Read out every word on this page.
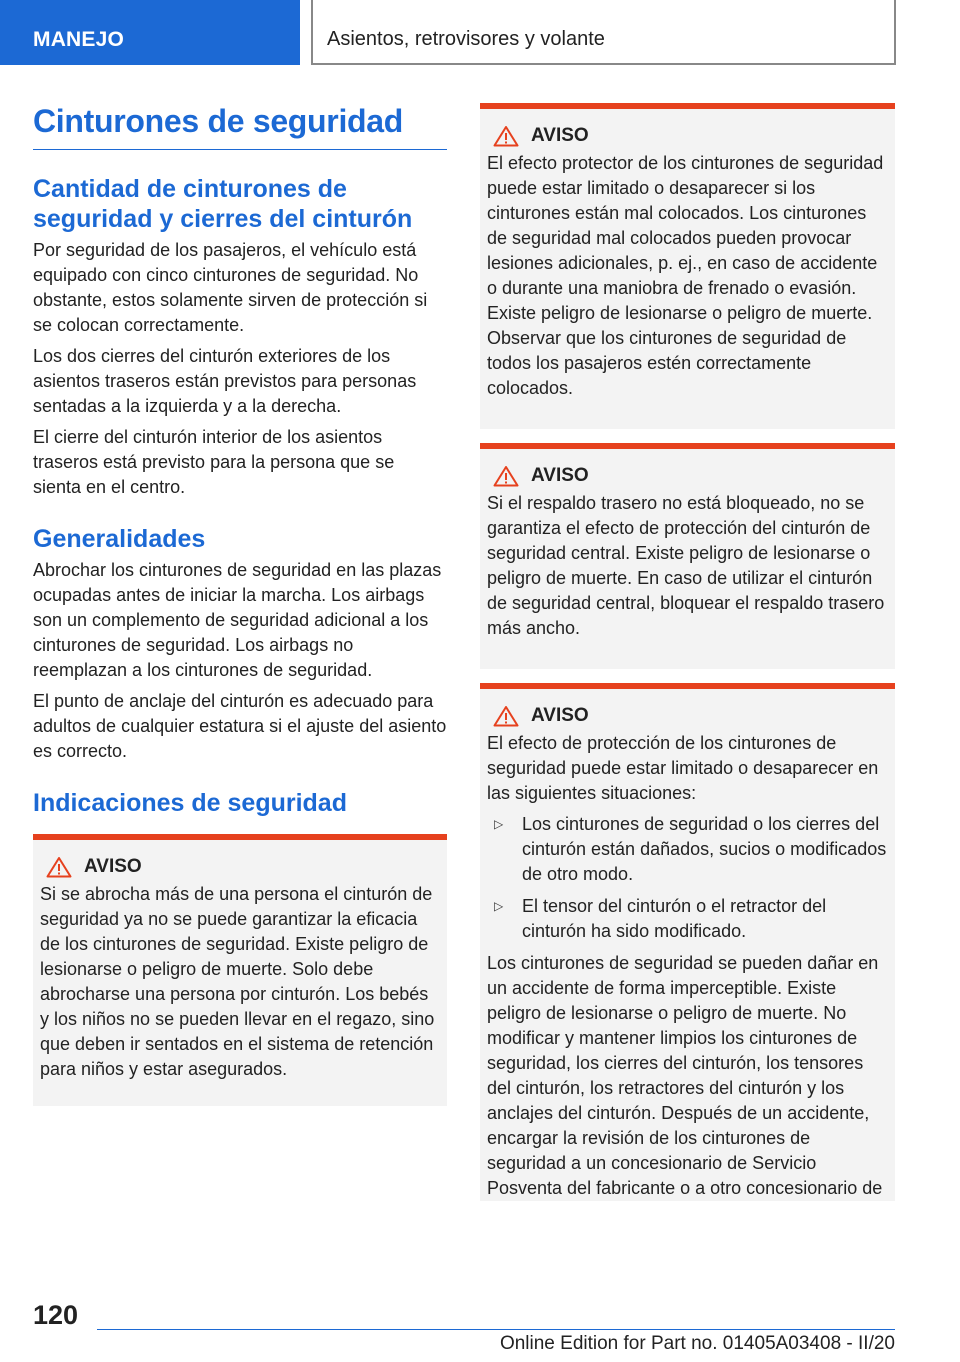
MANEJO	Asientos, retrovisores y volante
Cinturones de seguridad
Cantidad de cinturones de seguridad y cierres del cinturón

Por seguridad de los pasajeros, el vehículo está equipado con cinco cinturones de seguridad. No obstante, estos solamente sirven de protección si se colocan correctamente.

Los dos cierres del cinturón exteriores de los asientos traseros están previstos para personas sentadas a la izquierda y a la derecha.

El cierre del cinturón interior de los asientos traseros está previsto para la persona que se sienta en el centro.

Generalidades

Abrochar los cinturones de seguridad en las plazas ocupadas antes de iniciar la marcha. Los airbags son un complemento de seguridad adicional a los cinturones de seguridad. Los airbags no reemplazan a los cinturones de seguridad.

El punto de anclaje del cinturón es adecuado para adultos de cualquier estatura si el ajuste del asiento es correcto.

Indicaciones de seguridad
AVISO

Si se abrocha más de una persona el cinturón de seguridad ya no se puede garantizar la eficacia de los cinturones de seguridad. Existe peligro de lesionarse o peligro de muerte. Solo debe abrocharse una persona por cinturón. Los bebés y los niños no se pueden llevar en el regazo, sino que deben ir sentados en el sistema de retención para niños y estar asegurados.

AVISO

El efecto protector de los cinturones de seguridad puede estar limitado o desaparecer si los cinturones están mal colocados. Los cinturones de seguridad mal colocados pueden provocar lesiones adicionales, p. ej., en caso de accidente o durante una maniobra de frenado o evasión. Existe peligro de lesionarse o peligro de muerte. Observar que los cinturones de seguridad de todos los pasajeros estén correctamente colocados.

AVISO

Si el respaldo trasero no está bloqueado, no se garantiza el efecto de protección del cinturón de seguridad central. Existe peligro de lesionarse o peligro de muerte. En caso de utilizar el cinturón de seguridad central, bloquear el respaldo trasero más ancho.

AVISO

El efecto de protección de los cinturones de seguridad puede estar limitado o desaparecer en las siguientes situaciones:

▷	Los cinturones de seguridad o los cierres del cinturón están dañados, sucios o modificados de otro modo.
▷	El tensor del cinturón o el retractor del cinturón ha sido modificado.

Los cinturones de seguridad se pueden dañar en un accidente de forma imperceptible. Existe peligro de lesionarse o peligro de muerte. No modificar y mantener limpios los cinturones de seguridad, los cierres del cinturón, los tensores del cinturón, los retractores del cinturón y los anclajes del cinturón. Después de un accidente, encargar la revisión de los cinturones de seguridad a un concesionario de Servicio Posventa del fabricante o a otro concesionario de

120
Online Edition for Part no. 01405A03408 - II/20
